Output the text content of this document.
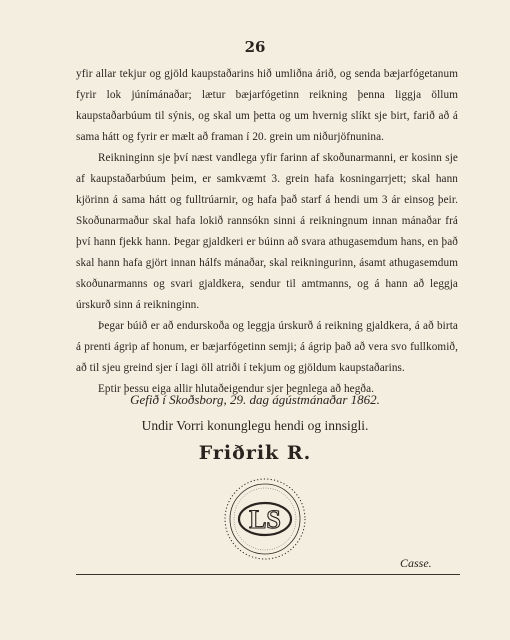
26

yfir allar tekjur og gjöld kaupstaðarins hið umliðna árið, og senda bæjarfógetanum fyrir lok júnímánaðar; lætur bæjarfógetinn reikning þenna liggja öllum kaupstaðarbúum til sýnis, og skal um þetta og um hvernig slíkt sje birt, farið að á sama hátt og fyrir er mælt að framan í 20. grein um niðurjöfnunina.

Reikninginn sje því næst vandlega yfir farinn af skoðunarmanni, er kosinn sje af kaupstaðarbúum þeim, er samkvæmt 3. grein hafa kosningarrjett; skal hann kjörinn á sama hátt og fulltrúarnir, og hafa það starf á hendi um 3 ár einsog þeir. Skoðunarmaður skal hafa lokið rannsókn sinni á reikningnum innan mánaðar frá því hann fjekk hann. Þegar gjaldkeri er búinn að svara athugasemdum hans, en það skal hann hafa gjört innan hálfs mánaðar, skal reikningurinn, ásamt athugasemdum skoðunarmanns og svari gjaldkera, sendur til amtmanns, og á hann að leggja úrskurð sinn á reikninginn.

Þegar búið er að endurskoða og leggja úrskurð á reikning gjaldkera, á að birta á prenti ágrip af honum, er bæjarfógetinn semji; á ágrip það að vera svo fullkomið, að til sjeu greind sjer í lagi öll atriði í tekjum og gjöldum kaupstaðarins.

Eptir þessu eiga allir hlutaðeigendur sjer þegnlega að hegða.

Gefið í Skoðsborg, 29. dag ágústmánaðar 1862.
Undir Vorri konunglegu hendi og innsigli.
Friðrik R.
LS
Casse.
